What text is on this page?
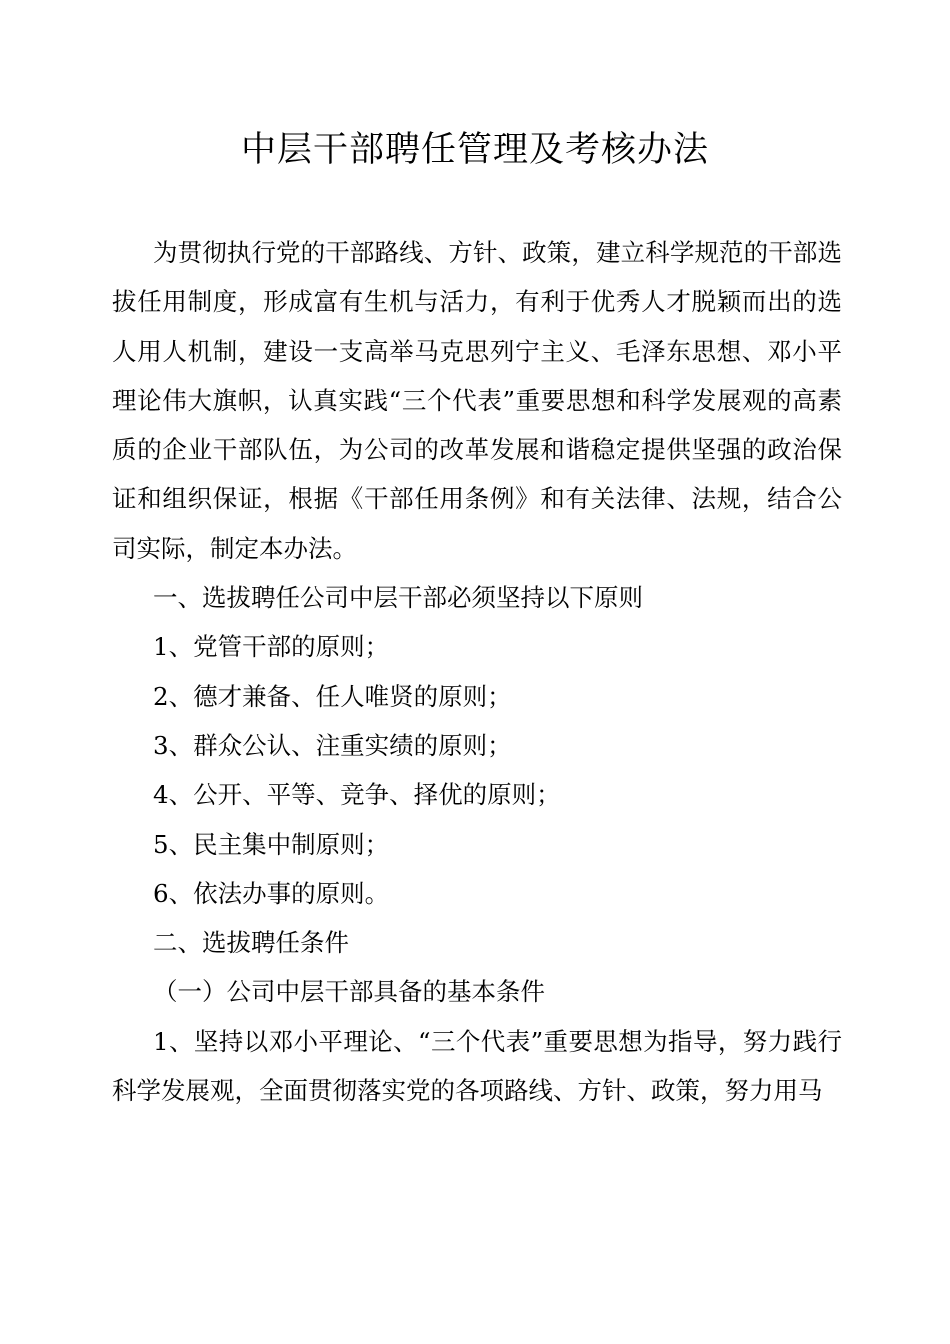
中层干部聘任管理及考核办法

为贯彻执行党的干部路线、方针、政策，建立科学规范的干部选拔任用制度，形成富有生机与活力，有利于优秀人才脱颖而出的选人用人机制，建设一支高举马克思列宁主义、毛泽东思想、邓小平理论伟大旗帜，认真实践“三个代表”重要思想和科学发展观的高素质的企业干部队伍，为公司的改革发展和谐稳定提供坚强的政治保证和组织保证，根据《干部任用条例》和有关法律、法规，结合公司实际，制定本办法。

一、选拔聘任公司中层干部必须坚持以下原则

1、党管干部的原则；

2、德才兼备、任人唯贤的原则；

3、群众公认、注重实绩的原则；

4、公开、平等、竞争、择优的原则；

5、民主集中制原则；

6、依法办事的原则。

二、选拔聘任条件

（一）公司中层干部具备的基本条件

1、坚持以邓小平理论、“三个代表”重要思想为指导，努力践行科学发展观，全面贯彻落实党的各项路线、方针、政策，努力用马
